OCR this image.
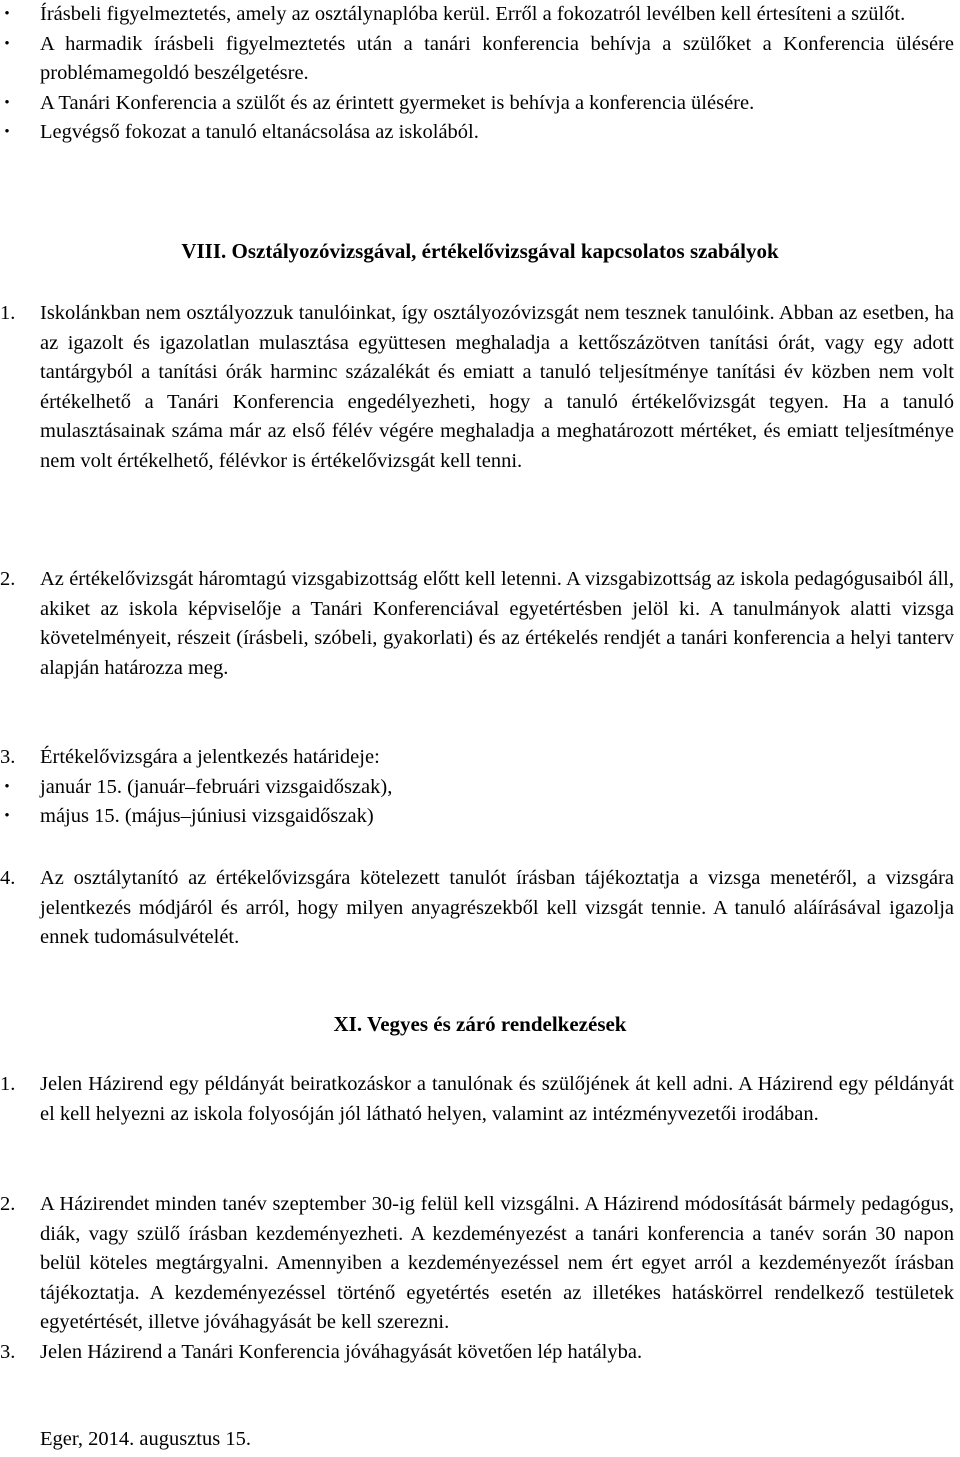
• Írásbeli figyelmeztetés, amely az osztálynaplóba kerül. Erről a fokozatról levélben kell értesíteni a szülőt.
• A harmadik írásbeli figyelmeztetés után a tanári konferencia behívja a szülőket a Konferencia ülésére problémamegoldó beszélgetésre.
• A Tanári Konferencia a szülőt és az érintett gyermeket is behívja a konferencia ülésére.
• Legvégső fokozat a tanuló eltanácsolása az iskolából.
VIII. Osztályozóvizsgával, értékelővizsgával kapcsolatos szabályok
1. Iskolánkban nem osztályozzuk tanulóinkat, így osztályozóvizsgát nem tesznek tanulóink. Abban az esetben, ha az igazolt és igazolatlan mulasztása együttesen meghaladja a kettőszázötven tanítási órát, vagy egy adott tantárgyból a tanítási órák harminc százalékát és emiatt a tanuló teljesítménye tanítási év közben nem volt értékelhető a Tanári Konferencia engedélyezheti, hogy a tanuló értékelővizsgát tegyen. Ha a tanuló mulasztásainak száma már az első félév végére meghaladja a meghatározott mértéket, és emiatt teljesítménye nem volt értékelhető, félévkor is értékelővizsgát kell tenni.
2. Az értékelővizsgát háromtagú vizsgabizottság előtt kell letenni. A vizsgabizottság az iskola pedagógusaiból áll, akiket az iskola képviselője a Tanári Konferenciával egyetértésben jelöl ki. A tanulmányok alatti vizsga követelményeit, részeit (írásbeli, szóbeli, gyakorlati) és az értékelés rendjét a tanári konferencia a helyi tanterv alapján határozza meg.
3. Értékelővizsgára a jelentkezés határideje:
• január 15. (január–februári vizsgaidőszak),
• május 15. (május–júniusi vizsgaidőszak)
4. Az osztálytanító az értékelővizsgára kötelezett tanulót írásban tájékoztatja a vizsga menetéről, a vizsgára jelentkezés módjáról és arról, hogy milyen anyagrészekből kell vizsgát tennie. A tanuló aláírásával igazolja ennek tudomásulvételét.
XI. Vegyes és záró rendelkezések
1. Jelen Házirend egy példányát beiratkozáskor a tanulónak és szülőjének át kell adni. A Házirend egy példányát el kell helyezni az iskola folyosóján jól látható helyen, valamint az intézményvezetői irodában.
2. A Házirendet minden tanév szeptember 30-ig felül kell vizsgálni. A Házirend módosítását bármely pedagógus, diák, vagy szülő írásban kezdeményezheti. A kezdeményezést a tanári konferencia a tanév során 30 napon belül köteles megtárgyalni. Amennyiben a kezdeményezéssel nem ért egyet arról a kezdeményezőt írásban tájékoztatja. A kezdeményezéssel történő egyetértés esetén az illetékes hatáskörrel rendelkező testületek egyetértését, illetve jóváhagyását be kell szerezni.
3. Jelen Házirend a Tanári Konferencia jóváhagyását követően lép hatályba.
Eger, 2014. augusztus 15.
